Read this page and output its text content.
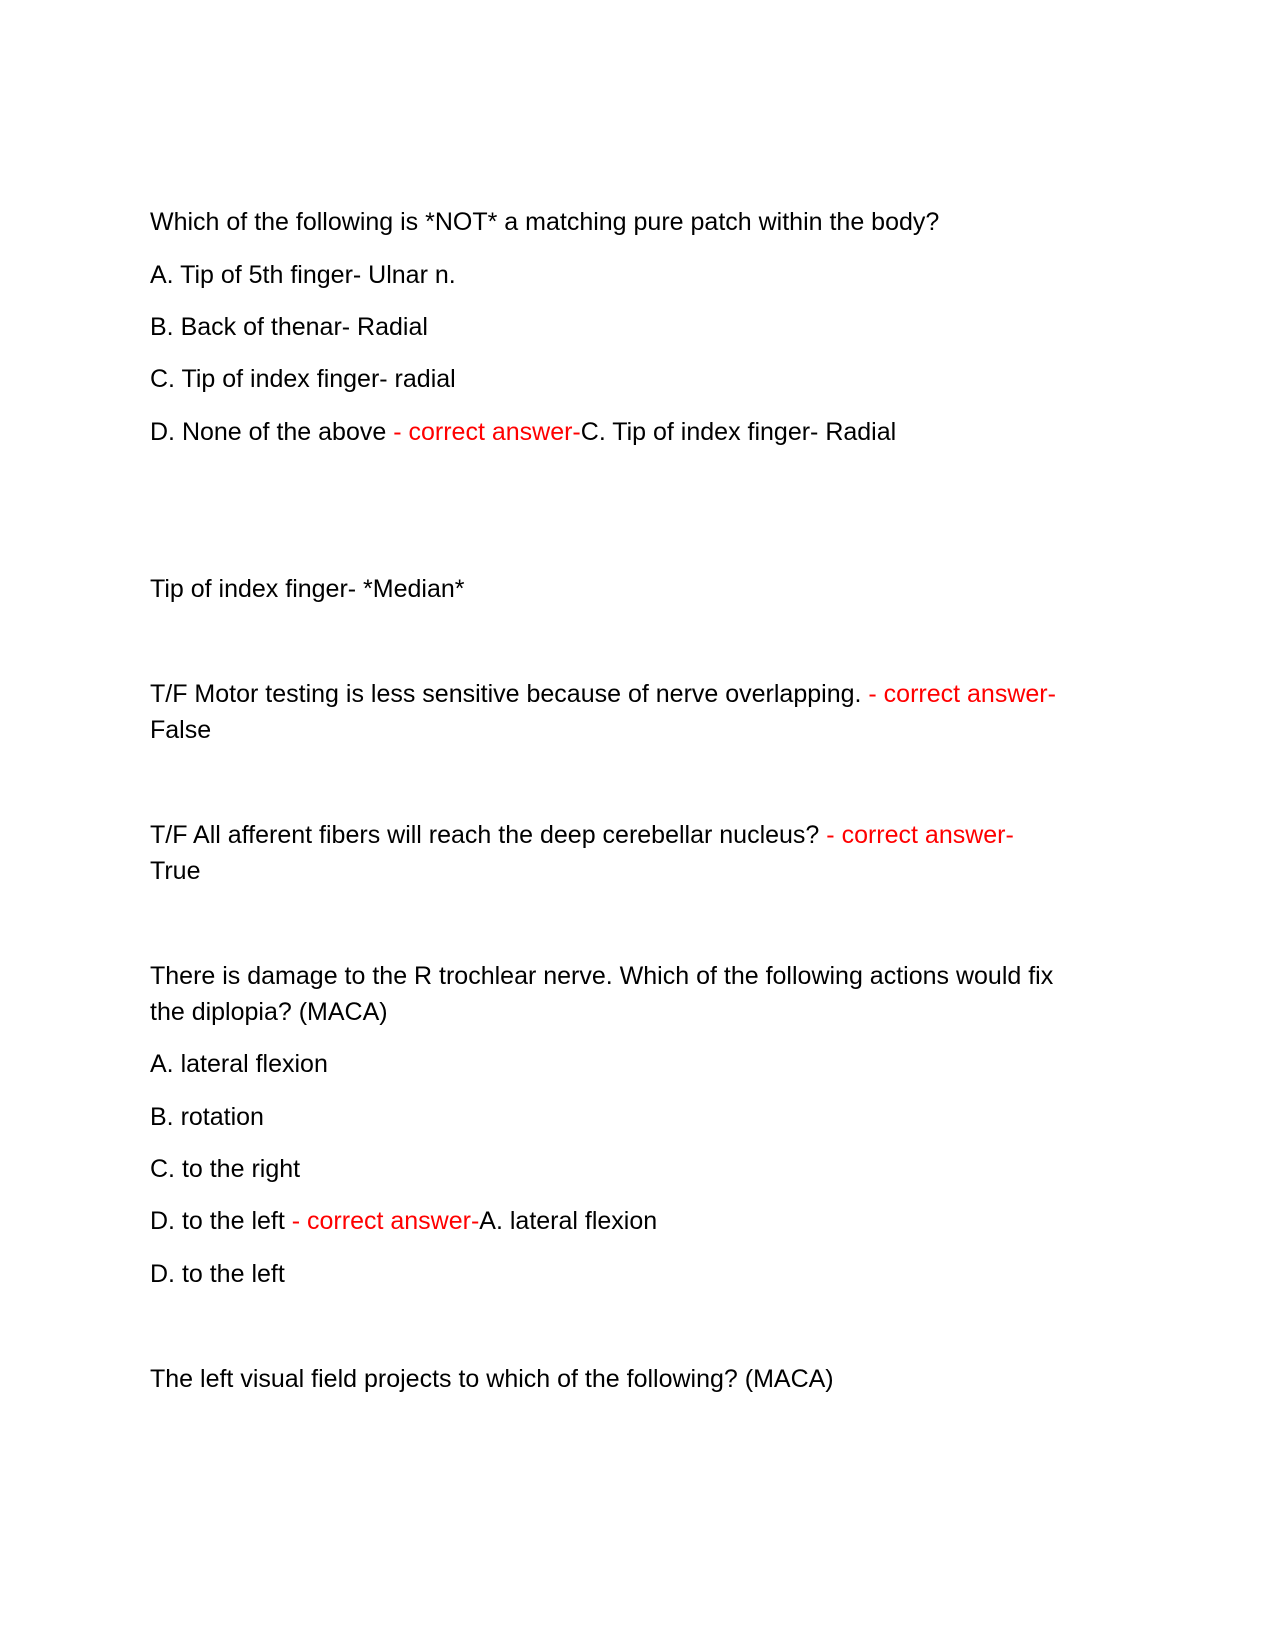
Which of the following is *NOT* a matching pure patch within the body?
A. Tip of 5th finger- Ulnar n.
B. Back of thenar- Radial
C. Tip of index finger- radial
D. None of the above - correct answer-C. Tip of index finger- Radial
Tip of index finger- *Median*
T/F Motor testing is less sensitive because of nerve overlapping. - correct answer-
False
T/F All afferent fibers will reach the deep cerebellar nucleus? - correct answer-
True
There is damage to the R trochlear nerve. Which of the following actions would fix
the diplopia? (MACA)
A. lateral flexion
B. rotation
C. to the right
D. to the left - correct answer-A. lateral flexion
D. to the left
The left visual field projects to which of the following? (MACA)
